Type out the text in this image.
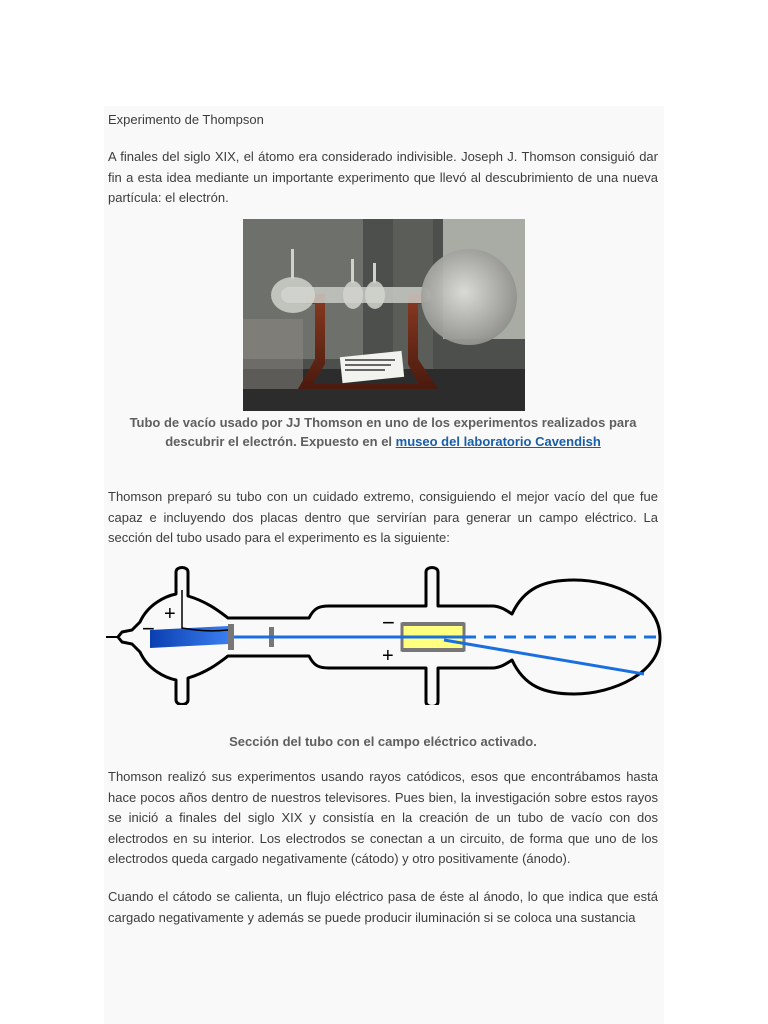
Experimento de Thompson

A finales del siglo XIX, el átomo era considerado indivisible. Joseph J. Thomson consiguió dar fin a esta idea mediante un importante experimento que llevó al descubrimiento de una nueva partícula: el electrón.

Tubo de vacío usado por JJ Thomson en uno de los experimentos realizados para descubrir el electrón. Expuesto en el museo del laboratorio Cavendish

Thomson preparó su tubo con un cuidado extremo, consiguiendo el mejor vacío del que fue capaz e incluyendo dos placas dentro que servirían para generar un campo eléctrico. La sección del tubo usado para el experimento es la siguiente:

−
+	−
+

Sección del tubo con el campo eléctrico activado.

Thomson realizó sus experimentos usando rayos catódicos, esos que encontrábamos hasta hace pocos años dentro de nuestros televisores. Pues bien, la investigación sobre estos rayos se inició a finales del siglo XIX y consistía en la creación de un tubo de vacío con dos electrodos en su interior. Los electrodos se conectan a un circuito, de forma que uno de los electrodos queda cargado negativamente (cátodo) y otro positivamente (ánodo).

Cuando el cátodo se calienta, un flujo eléctrico pasa de éste al ánodo, lo que indica que está cargado negativamente y además se puede producir iluminación si se coloca una sustancia
